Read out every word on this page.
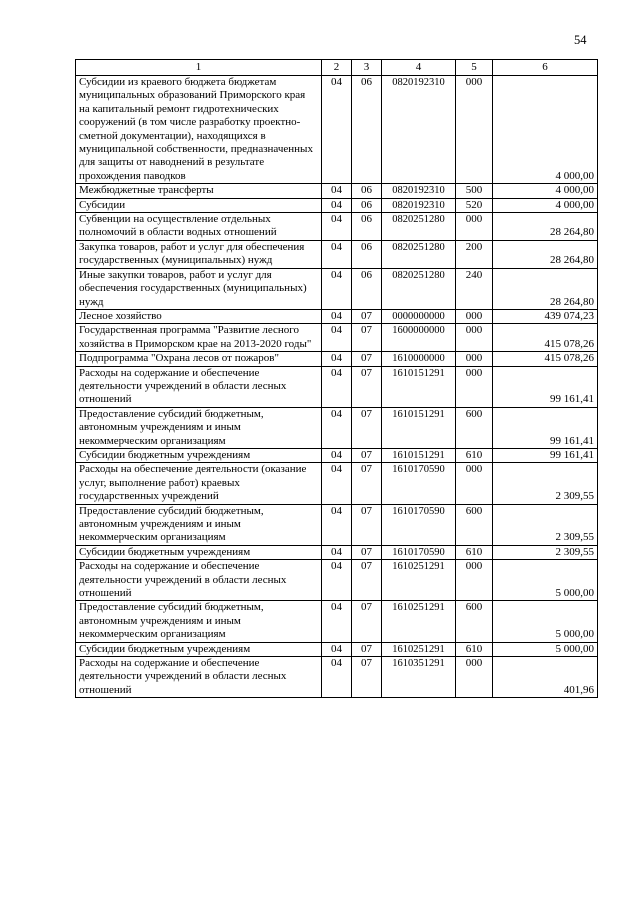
54
1	2	3	4	5	6
Субсидии из краевого бюджета бюджетам муниципальных образований Приморского края на капитальный ремонт гидротехнических сооружений (в том числе разработку проектно-сметной документации), находящихся в муниципальной собственности, предназначенных для защиты от наводнений в результате прохождения паводков	04	06	0820192310	000	4 000,00
Межбюджетные трансферты	04	06	0820192310	500	4 000,00
Субсидии	04	06	0820192310	520	4 000,00
Субвенции на осуществление отдельных полномочий в области водных отношений	04	06	0820251280	000	28 264,80
Закупка товаров, работ и услуг для обеспечения государственных (муниципальных) нужд	04	06	0820251280	200	28 264,80
Иные закупки товаров, работ и услуг для обеспечения государственных (муниципальных) нужд	04	06	0820251280	240	28 264,80
Лесное хозяйство	04	07	0000000000	000	439 074,23
Государственная программа "Развитие лесного хозяйства в Приморском крае на 2013-2020 годы"	04	07	1600000000	000	415 078,26
Подпрограмма "Охрана лесов от пожаров"	04	07	1610000000	000	415 078,26
Расходы на содержание и обеспечение деятельности учреждений в области лесных отношений	04	07	1610151291	000	99 161,41
Предоставление субсидий бюджетным, автономным учреждениям и иным некоммерческим организациям	04	07	1610151291	600	99 161,41
Субсидии бюджетным учреждениям	04	07	1610151291	610	99 161,41
Расходы на обеспечение деятельности (оказание услуг, выполнение работ) краевых государственных учреждений	04	07	1610170590	000	2 309,55
Предоставление субсидий бюджетным, автономным учреждениям и иным некоммерческим организациям	04	07	1610170590	600	2 309,55
Субсидии бюджетным учреждениям	04	07	1610170590	610	2 309,55
Расходы на содержание и обеспечение деятельности учреждений в области лесных отношений	04	07	1610251291	000	5 000,00
Предоставление субсидий бюджетным, автономным учреждениям и иным некоммерческим организациям	04	07	1610251291	600	5 000,00
Субсидии бюджетным учреждениям	04	07	1610251291	610	5 000,00
Расходы на содержание и обеспечение деятельности учреждений в области лесных отношений	04	07	1610351291	000	401,96
